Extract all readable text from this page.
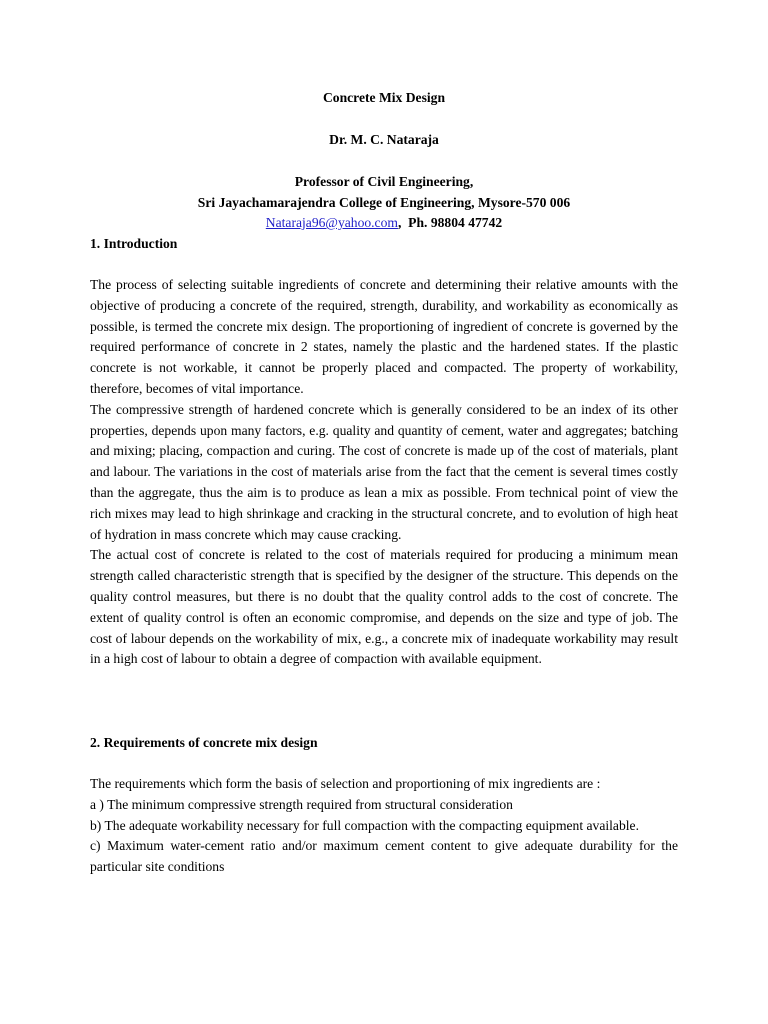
Concrete Mix Design
Dr. M. C. Nataraja
Professor of Civil Engineering,
Sri Jayachamarajendra College of Engineering, Mysore-570 006
Nataraja96@yahoo.com, Ph. 98804 47742
1. Introduction

The process of selecting suitable ingredients of concrete and determining their relative amounts with the objective of producing a concrete of the required, strength, durability, and workability as economically as possible, is termed the concrete mix design. The proportioning of ingredient of concrete is governed by the required performance of concrete in 2 states, namely the plastic and the hardened states. If the plastic concrete is not workable, it cannot be properly placed and compacted. The property of workability, therefore, becomes of vital importance.

The compressive strength of hardened concrete which is generally considered to be an index of its other properties, depends upon many factors, e.g. quality and quantity of cement, water and aggregates; batching and mixing; placing, compaction and curing. The cost of concrete is made up of the cost of materials, plant and labour. The variations in the cost of materials arise from the fact that the cement is several times costly than the aggregate, thus the aim is to produce as lean a mix as possible. From technical point of view the rich mixes may lead to high shrinkage and cracking in the structural concrete, and to evolution of high heat of hydration in mass concrete which may cause cracking.

The actual cost of concrete is related to the cost of materials required for producing a minimum mean strength called characteristic strength that is specified by the designer of the structure. This depends on the quality control measures, but there is no doubt that the quality control adds to the cost of concrete. The extent of quality control is often an economic compromise, and depends on the size and type of job. The cost of labour depends on the workability of mix, e.g., a concrete mix of inadequate workability may result in a high cost of labour to obtain a degree of compaction with available equipment.

2. Requirements of concrete mix design

The requirements which form the basis of selection and proportioning of mix ingredients are :

a ) The minimum compressive strength required from structural consideration

b) The adequate workability necessary for full compaction with the compacting equipment available.

c) Maximum water-cement ratio and/or maximum cement content to give adequate durability for the particular site conditions
